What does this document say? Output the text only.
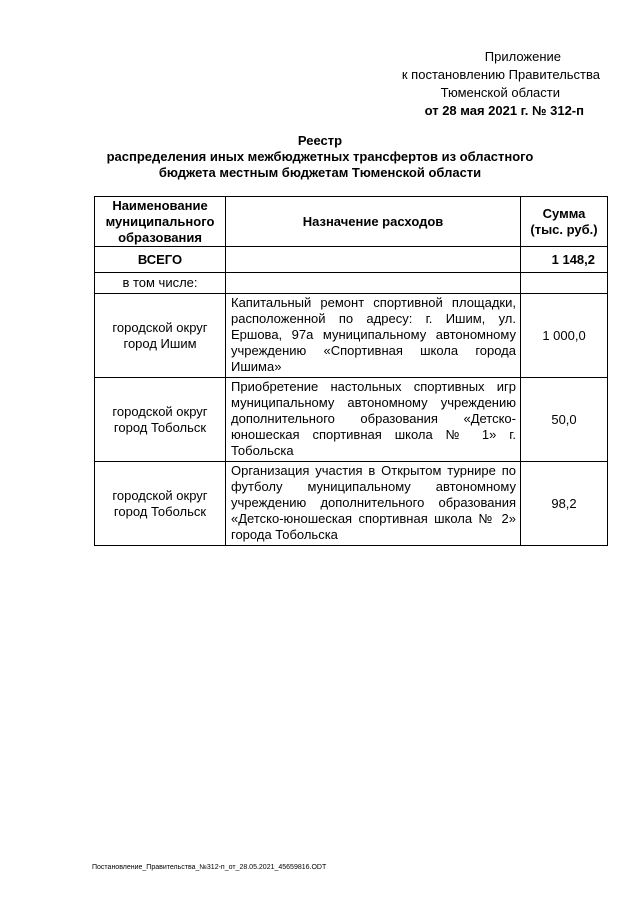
Приложение
к постановлению Правительства
Тюменской области
от 28 мая 2021 г. № 312-п
Реестр
распределения иных межбюджетных трансфертов из областного
бюджета местным бюджетам Тюменской области
Наименование муниципального образования	Назначение расходов	Сумма (тыс. руб.)
ВСЕГО		1 148,2
в том числе:		
городской округ город Ишим	Капитальный ремонт спортивной площадки, расположенной по адресу: г. Ишим, ул. Ершова, 97а муниципальному автономному учреждению «Спортивная школа города Ишима»	1 000,0
городской округ город Тобольск	Приобретение настольных спортивных игр муниципальному автономному учреждению дополнительного образования «Детско-юношеская спортивная школа № 1» г. Тобольска	50,0
городской округ город Тобольск	Организация участия в Открытом турнире по футболу муниципальному автономному учреждению дополнительного образования «Детско-юношеская спортивная школа № 2» города Тобольска	98,2
Постановление_Правительства_№312-п_от_28.05.2021_45659816.ODT
